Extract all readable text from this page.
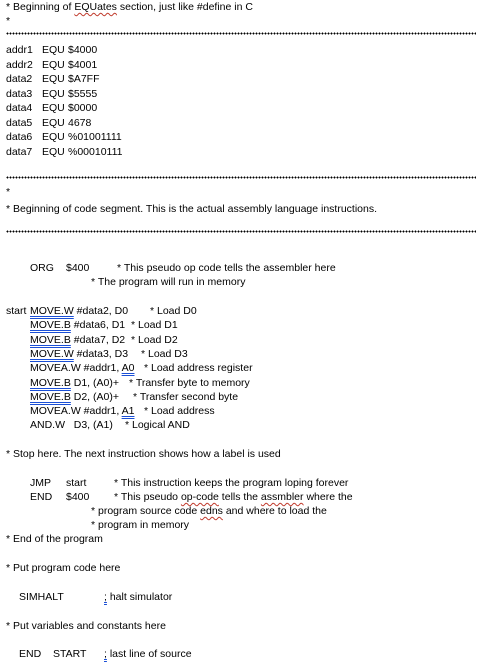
* Beginning of EQUates section, just like #define in C
*
addr1 EQU $4000
addr2 EQU $4001
data2 EQU $A7FF
data3 EQU $5555
data4 EQU $0000
data5 EQU 4678
data6 EQU %01001111
data7 EQU %00010111
*
* Beginning of code segment. This is the actual assembly language instructions.
ORG $400	* This pseudo op code tells the assembler here
* The program will run in memory
start MOVE.W #data2, D0 * Load D0
MOVE.B #data6, D1 * Load D1
MOVE.B #data7, D2 * Load D2
MOVE.W #data3, D3 * Load D3
MOVEA.W #addr1, A0 * Load address register
MOVE.B D1, (A0)+ * Transfer byte to memory
MOVE.B D2, (A0)+ * Transfer second byte
MOVEA.W #addr1, A1 * Load address
AND.W   D3, (A1) * Logical AND
* Stop here. The next instruction shows how a label is used
JMP start	* This instruction keeps the program loping forever
END $400 * This pseudo op-code tells the assmbler where the
* program source code edns and where to load the
* program in memory
* End of the program
* Put program code here
SIMHALT	; halt simulator
* Put variables and constants here
END START ; last line of source
